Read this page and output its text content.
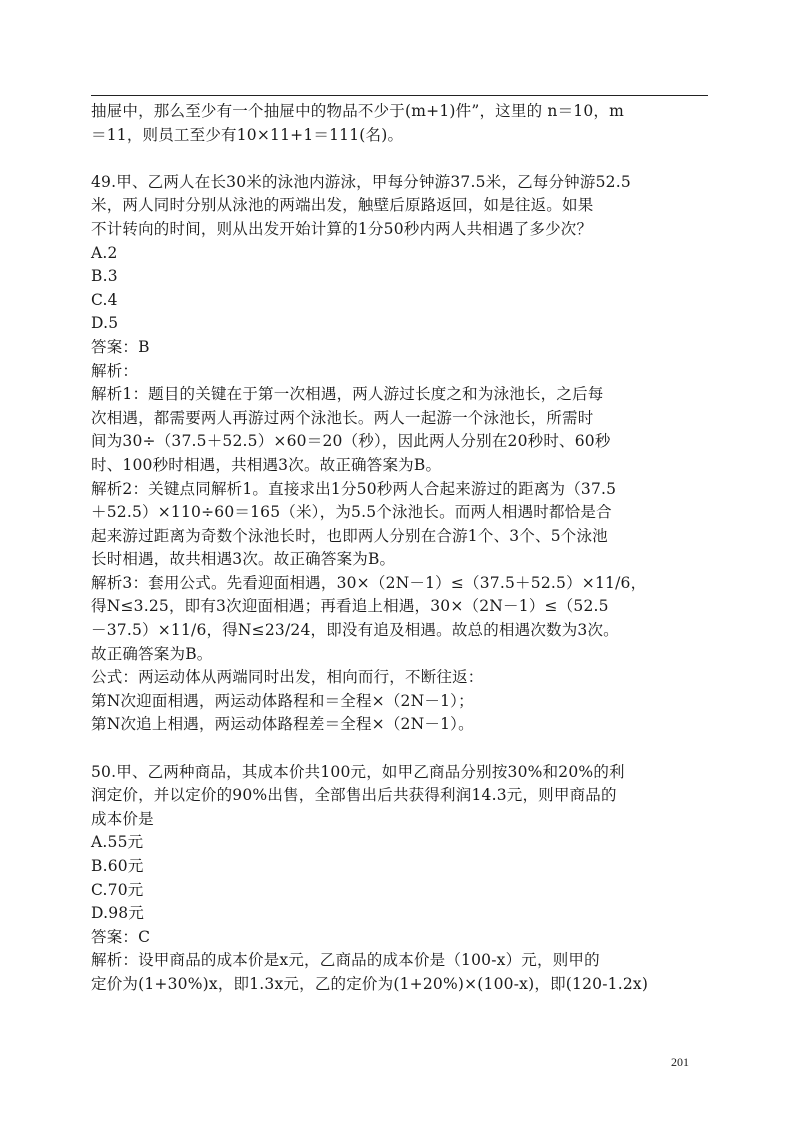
抽屉中，那么至少有一个抽屉中的物品不少于(m+1)件”，这里的 n＝10，m
＝11，则员工至少有10×11+1＝111(名)。
49.甲、乙两人在长30米的泳池内游泳，甲每分钟游37.5米，乙每分钟游52.5
米，两人同时分别从泳池的两端出发，触壁后原路返回，如是往返。如果
不计转向的时间，则从出发开始计算的1分50秒内两人共相遇了多少次？
A.2
B.3
C.4
D.5
答案：B
解析：
解析1：题目的关键在于第一次相遇，两人游过长度之和为泳池长，之后每
次相遇，都需要两人再游过两个泳池长。两人一起游一个泳池长，所需时
间为30÷（37.5＋52.5）×60＝20（秒），因此两人分别在20秒时、60秒
时、100秒时相遇，共相遇3次。故正确答案为B。
解析2：关键点同解析1。直接求出1分50秒两人合起来游过的距离为（37.5
＋52.5）×110÷60＝165（米），为5.5个泳池长。而两人相遇时都恰是合
起来游过距离为奇数个泳池长时，也即两人分别在合游1个、3个、5个泳池
长时相遇，故共相遇3次。故正确答案为B。
解析3：套用公式。先看迎面相遇，30×（2N－1）≤（37.5＋52.5）×11/6，
得N≤3.25，即有3次迎面相遇；再看追上相遇，30×（2N－1）≤（52.5
－37.5）×11/6，得N≤23/24，即没有追及相遇。故总的相遇次数为3次。
故正确答案为B。
公式：两运动体从两端同时出发，相向而行，不断往返：
第N次迎面相遇，两运动体路程和＝全程×（2N－1）；
第N次追上相遇，两运动体路程差＝全程×（2N－1）。
50.甲、乙两种商品，其成本价共100元，如甲乙商品分别按30%和20%的利
润定价，并以定价的90%出售，全部售出后共获得利润14.3元，则甲商品的
成本价是
A.55元
B.60元
C.70元
D.98元
答案：C
解析：设甲商品的成本价是x元，乙商品的成本价是（100-x）元，则甲的
定价为(1+30%)x，即1.3x元，乙的定价为(1+20%)×(100-x)，即(120-1.2x)
201
